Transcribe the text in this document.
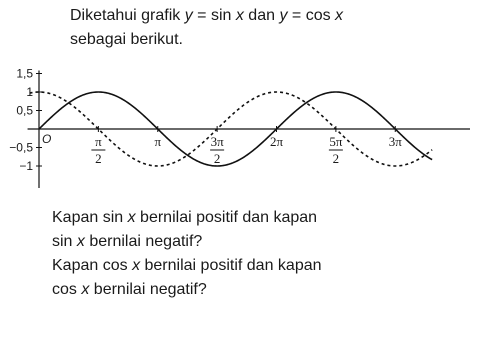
Diketahui grafik y = sin x dan y = cos x
sebagai berikut.
1,5
1
0,5
−0,5
−1
O	π
2
π	3π
2
2π	5π
2
3π
Kapan sin x bernilai positif dan kapan
sin x bernilai negatif?
Kapan cos x bernilai positif dan kapan
cos x bernilai negatif?
